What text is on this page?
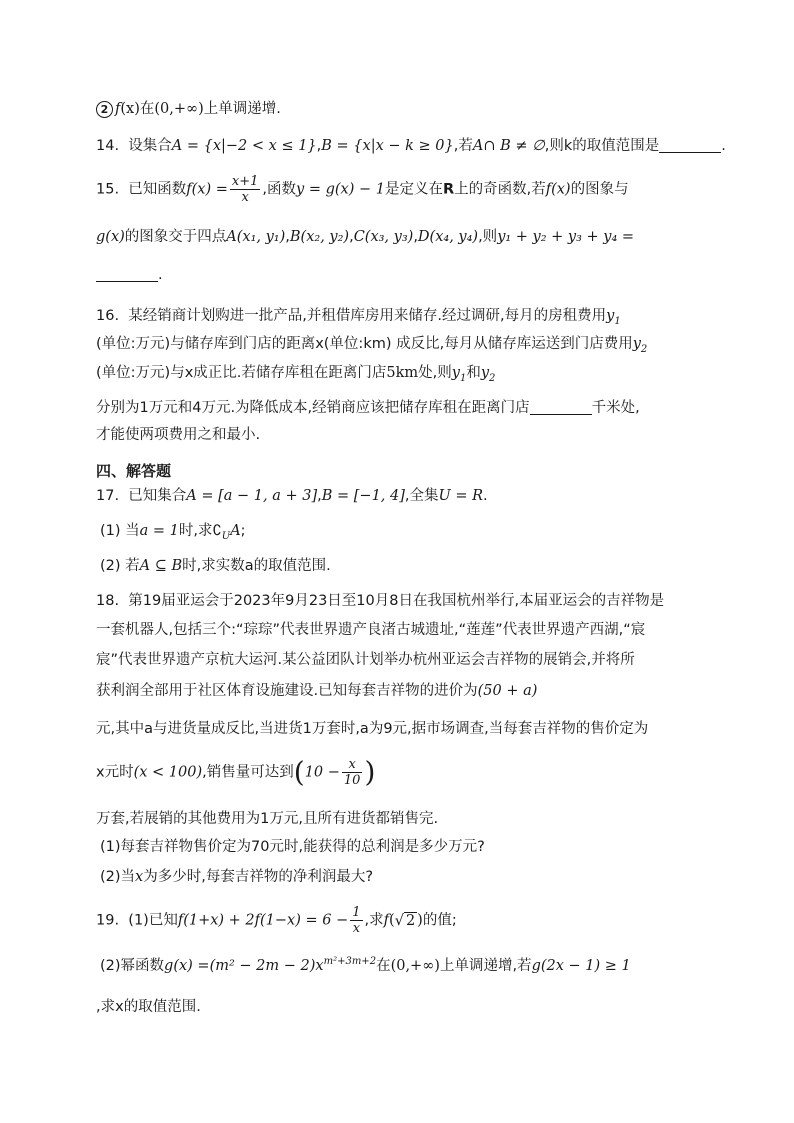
2 f(x)在(0,+∞)上单调递增.
14. 设集合A = {x|−2 < x ≤ 1},B = {x|x − k ≥ 0},若A∩ B ≠ ∅,则k的取值范围是	.
15. 已知函数$f(x) = \frac{x+1}{x}$ ,函数y = g(x) − 1是定义在R上的奇函数,若f(x)的图象与
g(x)的图象交于四点A(x₁, y₁),B(x₂, y₂),C(x₃, y₃),D(x₄, y₄),则y₁ + y₂ + y₃ + y₄ =
.
16. 某经销商计划购进一批产品,并租借库房用来储存.经过调研,每月的房租费用$y_1$
(单位:万元)与储存库到门店的距离x(单位:km) 成反比,每月从储存库运送到门店费用$y_2$
(单位:万元)与x成正比.若储存库租在距离门店5km处,则$y_1$和$y_2$
分别为1万元和4万元.为降低成本,经销商应该把储存库租在距离门店	千米处,
才能使两项费用之和最小.
四、解答题
17. 已知集合A = [a − 1, a + 3],B = [−1, 4],全集U = R.
(1) 当a = 1时,求$∁_UA$;
(2) 若A ⊆ B时,求实数a的取值范围.
18. 第19届亚运会于2023年9月23日至10月8日在我国杭州举行,本届亚运会的吉祥物是
一套机器人,包括三个:“琮琮”代表世界遗产良渚古城遗址,“莲莲”代表世界遗产西湖,“宸
宸”代表世界遗产京杭大运河.某公益团队计划举办杭州亚运会吉祥物的展销会,并将所
获利润全部用于社区体育设施建设.已知每套吉祥物的进价为(50 + a)
元,其中a与进货量成反比,当进货1万套时,a为9元,据市场调查,当每套吉祥物的售价定为
x元时(x < 100),销售量可达到($10 - \frac{x}{10}$ )
万套,若展销的其他费用为1万元,且所有进货都销售完.
(1)每套吉祥物售价定为70元时,能获得的总利润是多少万元?
(2)当x为多少时,每套吉祥物的净利润最大?
19. (1)已知$f(1+x) + 2f(1-x) = 6 - \frac{1}{x}$ ,求f(√ 2 )的值;
(2)幂函数$g(x) =(m^2 - 2m - 2)x^{m^2+3m+2}$在(0,+∞)上单调递增,若g(2x − 1) ≥ 1
,求x的取值范围.
